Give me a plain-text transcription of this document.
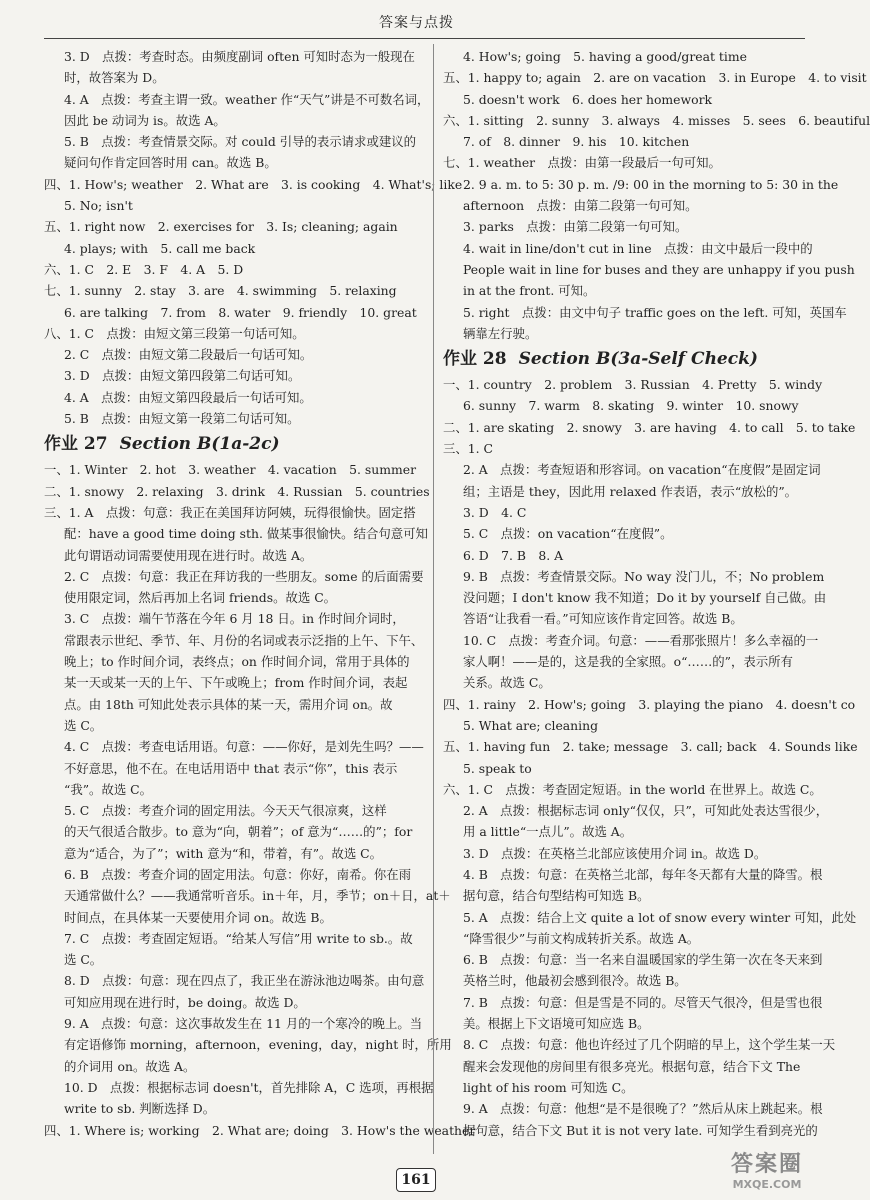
答案与点拨
3. D　点拨：考查时态。由频度副词 often 可知时态为一般现在
时，故答案为 D。
4. A　点拨：考查主谓一致。weather 作“天气”讲是不可数名词，
因此 be 动词为 is。故选 A。
5. B　点拨：考查情景交际。对 could 引导的表示请求或建议的
疑问句作肯定回答时用 can。故选 B。
四、1. How's; weather　2. What are　3. is cooking　4. What's; like
5. No; isn't
五、1. right now　2. exercises for　3. Is; cleaning; again
4. plays; with　5. call me back
六、1. C　2. E　3. F　4. A　5. D
七、1. sunny　2. stay　3. are　4. swimming　5. relaxing
6. are talking　7. from　8. water　9. friendly　10. great
八、1. C　点拨：由短文第三段第一句话可知。
2. C　点拨：由短文第二段最后一句话可知。
3. D　点拨：由短文第四段第二句话可知。
4. A　点拨：由短文第四段最后一句话可知。
5. B　点拨：由短文第一段第二句话可知。
作业 27 Section B(1a-2c)
一、1. Winter　2. hot　3. weather　4. vacation　5. summer
二、1. snowy　2. relaxing　3. drink　4. Russian　5. countries
三、1. A　点拨：句意：我正在美国拜访阿姨，玩得很愉快。固定搭
配：have a good time doing sth. 做某事很愉快。结合句意可知
此句谓语动词需要使用现在进行时。故选 A。
2. C　点拨：句意：我正在拜访我的一些朋友。some 的后面需要
使用限定词，然后再加上名词 friends。故选 C。
3. C　点拨：端午节落在今年 6 月 18 日。in 作时间介词时，
常跟表示世纪、季节、年、月份的名词或表示泛指的上午、下午、
晚上；to 作时间介词，表终点；on 作时间介词，常用于具体的
某一天或某一天的上午、下午或晚上；from 作时间介词，表起
点。由 18th 可知此处表示具体的某一天，需用介词 on。故
选 C。
4. C　点拨：考查电话用语。句意：——你好，是刘先生吗？——
不好意思，他不在。在电话用语中 that 表示“你”，this 表示
“我”。故选 C。
5. C　点拨：考查介词的固定用法。今天天气很凉爽，这样
的天气很适合散步。to 意为“向，朝着”；of 意为“……的”；for
意为“适合，为了”；with 意为“和，带着，有”。故选 C。
6. B　点拨：考查介词的固定用法。句意：你好，南希。你在雨
天通常做什么？——我通常听音乐。in＋年，月，季节；on＋日，at＋
时间点，在具体某一天要使用介词 on。故选 B。
7. C　点拨：考查固定短语。“给某人写信”用 write to sb.。故
选 C。
8. D　点拨：句意：现在四点了，我正坐在游泳池边喝茶。由句意
可知应用现在进行时，be doing。故选 D。
9. A　点拨：句意：这次事故发生在 11 月的一个寒冷的晚上。当
有定语修饰 morning，afternoon，evening，day，night 时，所用
的介词用 on。故选 A。
10. D　点拨：根据标志词 doesn't，首先排除 A，C 选项，再根据
write to sb. 判断选择 D。
四、1. Where is; working　2. What are; doing　3. How's the weather
4. How's; going　5. having a good/great time
五、1. happy to; again　2. are on vacation　3. in Europe　4. to visit
5. doesn't work　6. does her homework
六、1. sitting　2. sunny　3. always　4. misses　5. sees　6. beautiful
7. of　8. dinner　9. his　10. kitchen
七、1. weather　点拨：由第一段最后一句可知。
2. 9 a. m. to 5: 30 p. m. /9: 00 in the morning to 5: 30 in the
afternoon　点拨：由第二段第一句可知。
3. parks　点拨：由第二段第一句可知。
4. wait in line/don't cut in line　点拨：由文中最后一段中的
People wait in line for buses and they are unhappy if you push
in at the front. 可知。
5. right　点拨：由文中句子 traffic goes on the left. 可知，英国车
辆靠左行驶。
作业 28 Section B(3a-Self Check)
一、1. country　2. problem　3. Russian　4. Pretty　5. windy
6. sunny　7. warm　8. skating　9. winter　10. snowy
二、1. are skating　2. snowy　3. are having　4. to call　5. to take
三、1. C
2. A　点拨：考查短语和形容词。on vacation“在度假”是固定词
组；主语是 they，因此用 relaxed 作表语，表示“放松的”。
3. D　4. C
5. C　点拨：on vacation“在度假”。
6. D　7. B　8. A
9. B　点拨：考查情景交际。No way 没门儿，不；No problem
没问题；I don't know 我不知道；Do it by yourself 自己做。由
答语“让我看一看。”可知应该作肯定回答。故选 B。
10. C　点拨：考查介词。句意：——看那张照片！多么幸福的一
家人啊！——是的，这是我的全家照。o“……的”，表示所有
关系。故选 C。
四、1. rainy　2. How's; going　3. playing the piano　4. doesn't co
5. What are; cleaning
五、1. having fun　2. take; message　3. call; back　4. Sounds like
5. speak to
六、1. C　点拨：考查固定短语。in the world 在世界上。故选 C。
2. A　点拨：根据标志词 only“仅仅，只”，可知此处表达雪很少，
用 a little“一点儿”。故选 A。
3. D　点拨：在英格兰北部应该使用介词 in。故选 D。
4. B　点拨：句意：在英格兰北部，每年冬天都有大量的降雪。根
据句意，结合句型结构可知选 B。
5. A　点拨：结合上文 quite a lot of snow every winter 可知，此处
“降雪很少”与前文构成转折关系。故选 A。
6. B　点拨：句意：当一名来自温暖国家的学生第一次在冬天来到
英格兰时，他最初会感到很冷。故选 B。
7. B　点拨：句意：但是雪是不同的。尽管天气很冷，但是雪也很
美。根据上下文语境可知应选 B。
8. C　点拨：句意：他也许经过了几个阴暗的早上，这个学生某一天
醒来会发现他的房间里有很多亮光。根据句意，结合下文 The
light of his room 可知选 C。
9. A　点拨：句意：他想“是不是很晚了？”然后从床上跳起来。根
据句意，结合下文 But it is not very late. 可知学生看到亮光的
161
答案圈
MXQE.COM
